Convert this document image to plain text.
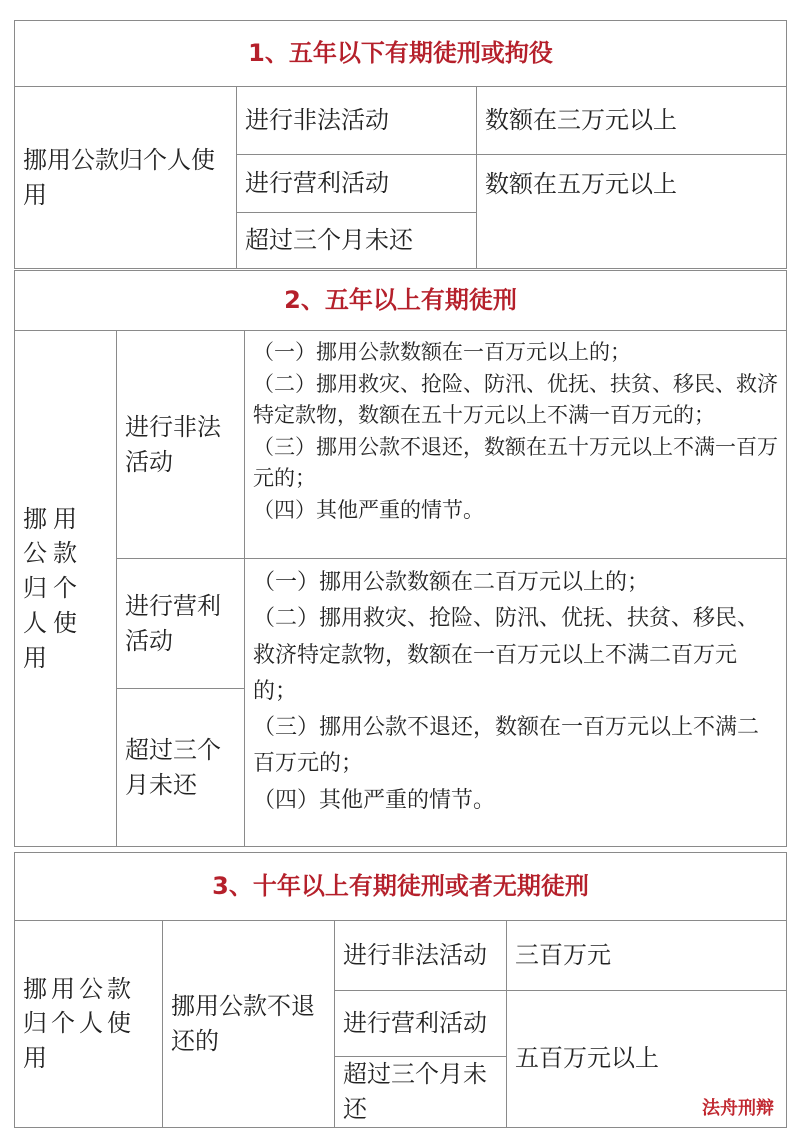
1、五年以下有期徒刑或拘役		
挪用公款归个人使用	进行非法活动	数额在三万元以上
	进行营利活动	数额在五万元以上
	超过三个月未还	
2、五年以上有期徒刑		
挪用公款归个人使用	进行非法活动	（一）挪用公款数额在一百万元以上的；
（二）挪用救灾、抢险、防汛、优抚、扶贫、移民、救济特定款物，数额在五十万元以上不满一百万元的；
（三）挪用公款不退还，数额在五十万元以上不满一百万元的；
（四）其他严重的情节。

	进行营利活动	（一）挪用公款数额在二百万元以上的；
（二）挪用救灾、抢险、防汛、优抚、扶贫、移民、救济特定款物，数额在一百万元以上不满二百万元的；
（三）挪用公款不退还，数额在一百万元以上不满二百万元的；
（四）其他严重的情节。

	超过三个月未还	
3、十年以上有期徒刑或者无期徒刑			
挪用公款归个人使用	挪用公款不退还的	进行非法活动	三百万元
		进行营利活动	五百万元以上
		超过三个月未还		法舟刑辩
